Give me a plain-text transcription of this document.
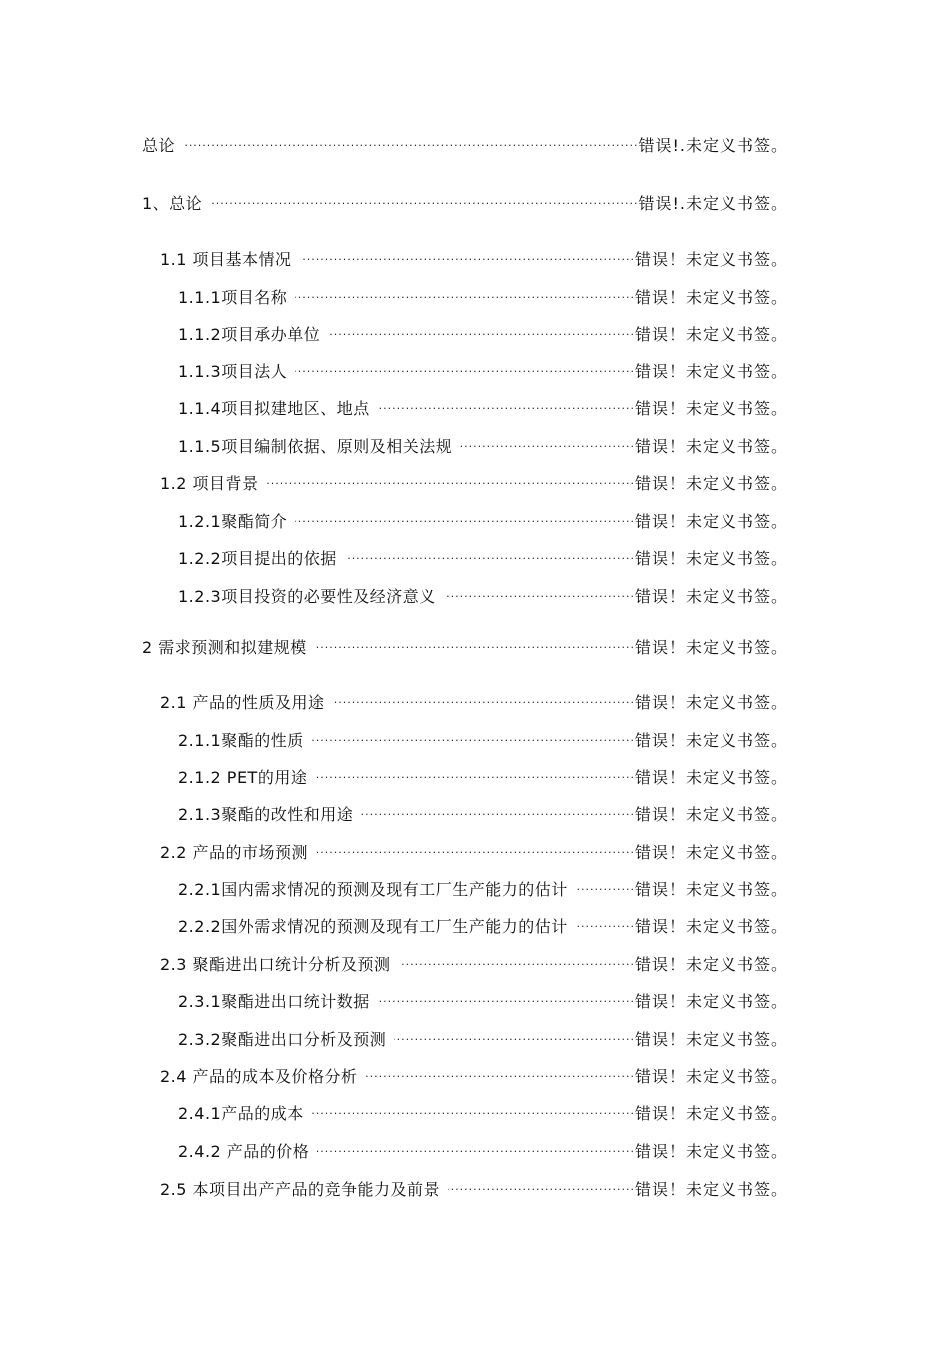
总论 .....	错误!.未定义书签。
1、总论 .....	错误!.未定义书签。
1.1 项目基本情况 .....	错误！未定义书签。
1.1.1项目名称 .....	错误！未定义书签。
1.1.2项目承办单位 .....	错误！未定义书签。
1.1.3项目法人 .....	错误！未定义书签。
1.1.4项目拟建地区、地点 .....	错误！未定义书签。
1.1.5项目编制依据、原则及相关法规 .....	错误！未定义书签。
1.2 项目背景 .....	错误！未定义书签。
1.2.1聚酯简介 .....	错误！未定义书签。
1.2.2项目提出的依据 .....	错误！未定义书签。
1.2.3项目投资的必要性及经济意义 .....	错误！未定义书签。
2 需求预测和拟建规模 .....	错误！未定义书签。
2.1 产品的性质及用途 .....	错误！未定义书签。
2.1.1聚酯的性质 .....	错误！未定义书签。
2.1.2 PET的用途 .....	错误！未定义书签。
2.1.3聚酯的改性和用途 .....	错误！未定义书签。
2.2 产品的市场预测 .....	错误！未定义书签。
2.2.1国内需求情况的预测及现有工厂生产能力的估计 .....	错误！未定义书签。
2.2.2国外需求情况的预测及现有工厂生产能力的估计 .....	错误！未定义书签。
2.3 聚酯进出口统计分析及预测 .....	错误！未定义书签。
2.3.1聚酯进出口统计数据 .....	错误！未定义书签。
2.3.2聚酯进出口分析及预测 .....	错误！未定义书签。
2.4 产品的成本及价格分析 .....	错误！未定义书签。
2.4.1产品的成本 .....	错误！未定义书签。
2.4.2 产品的价格 .....	错误！未定义书签。
2.5 本项目出产产品的竞争能力及前景 .....	错误！未定义书签。
